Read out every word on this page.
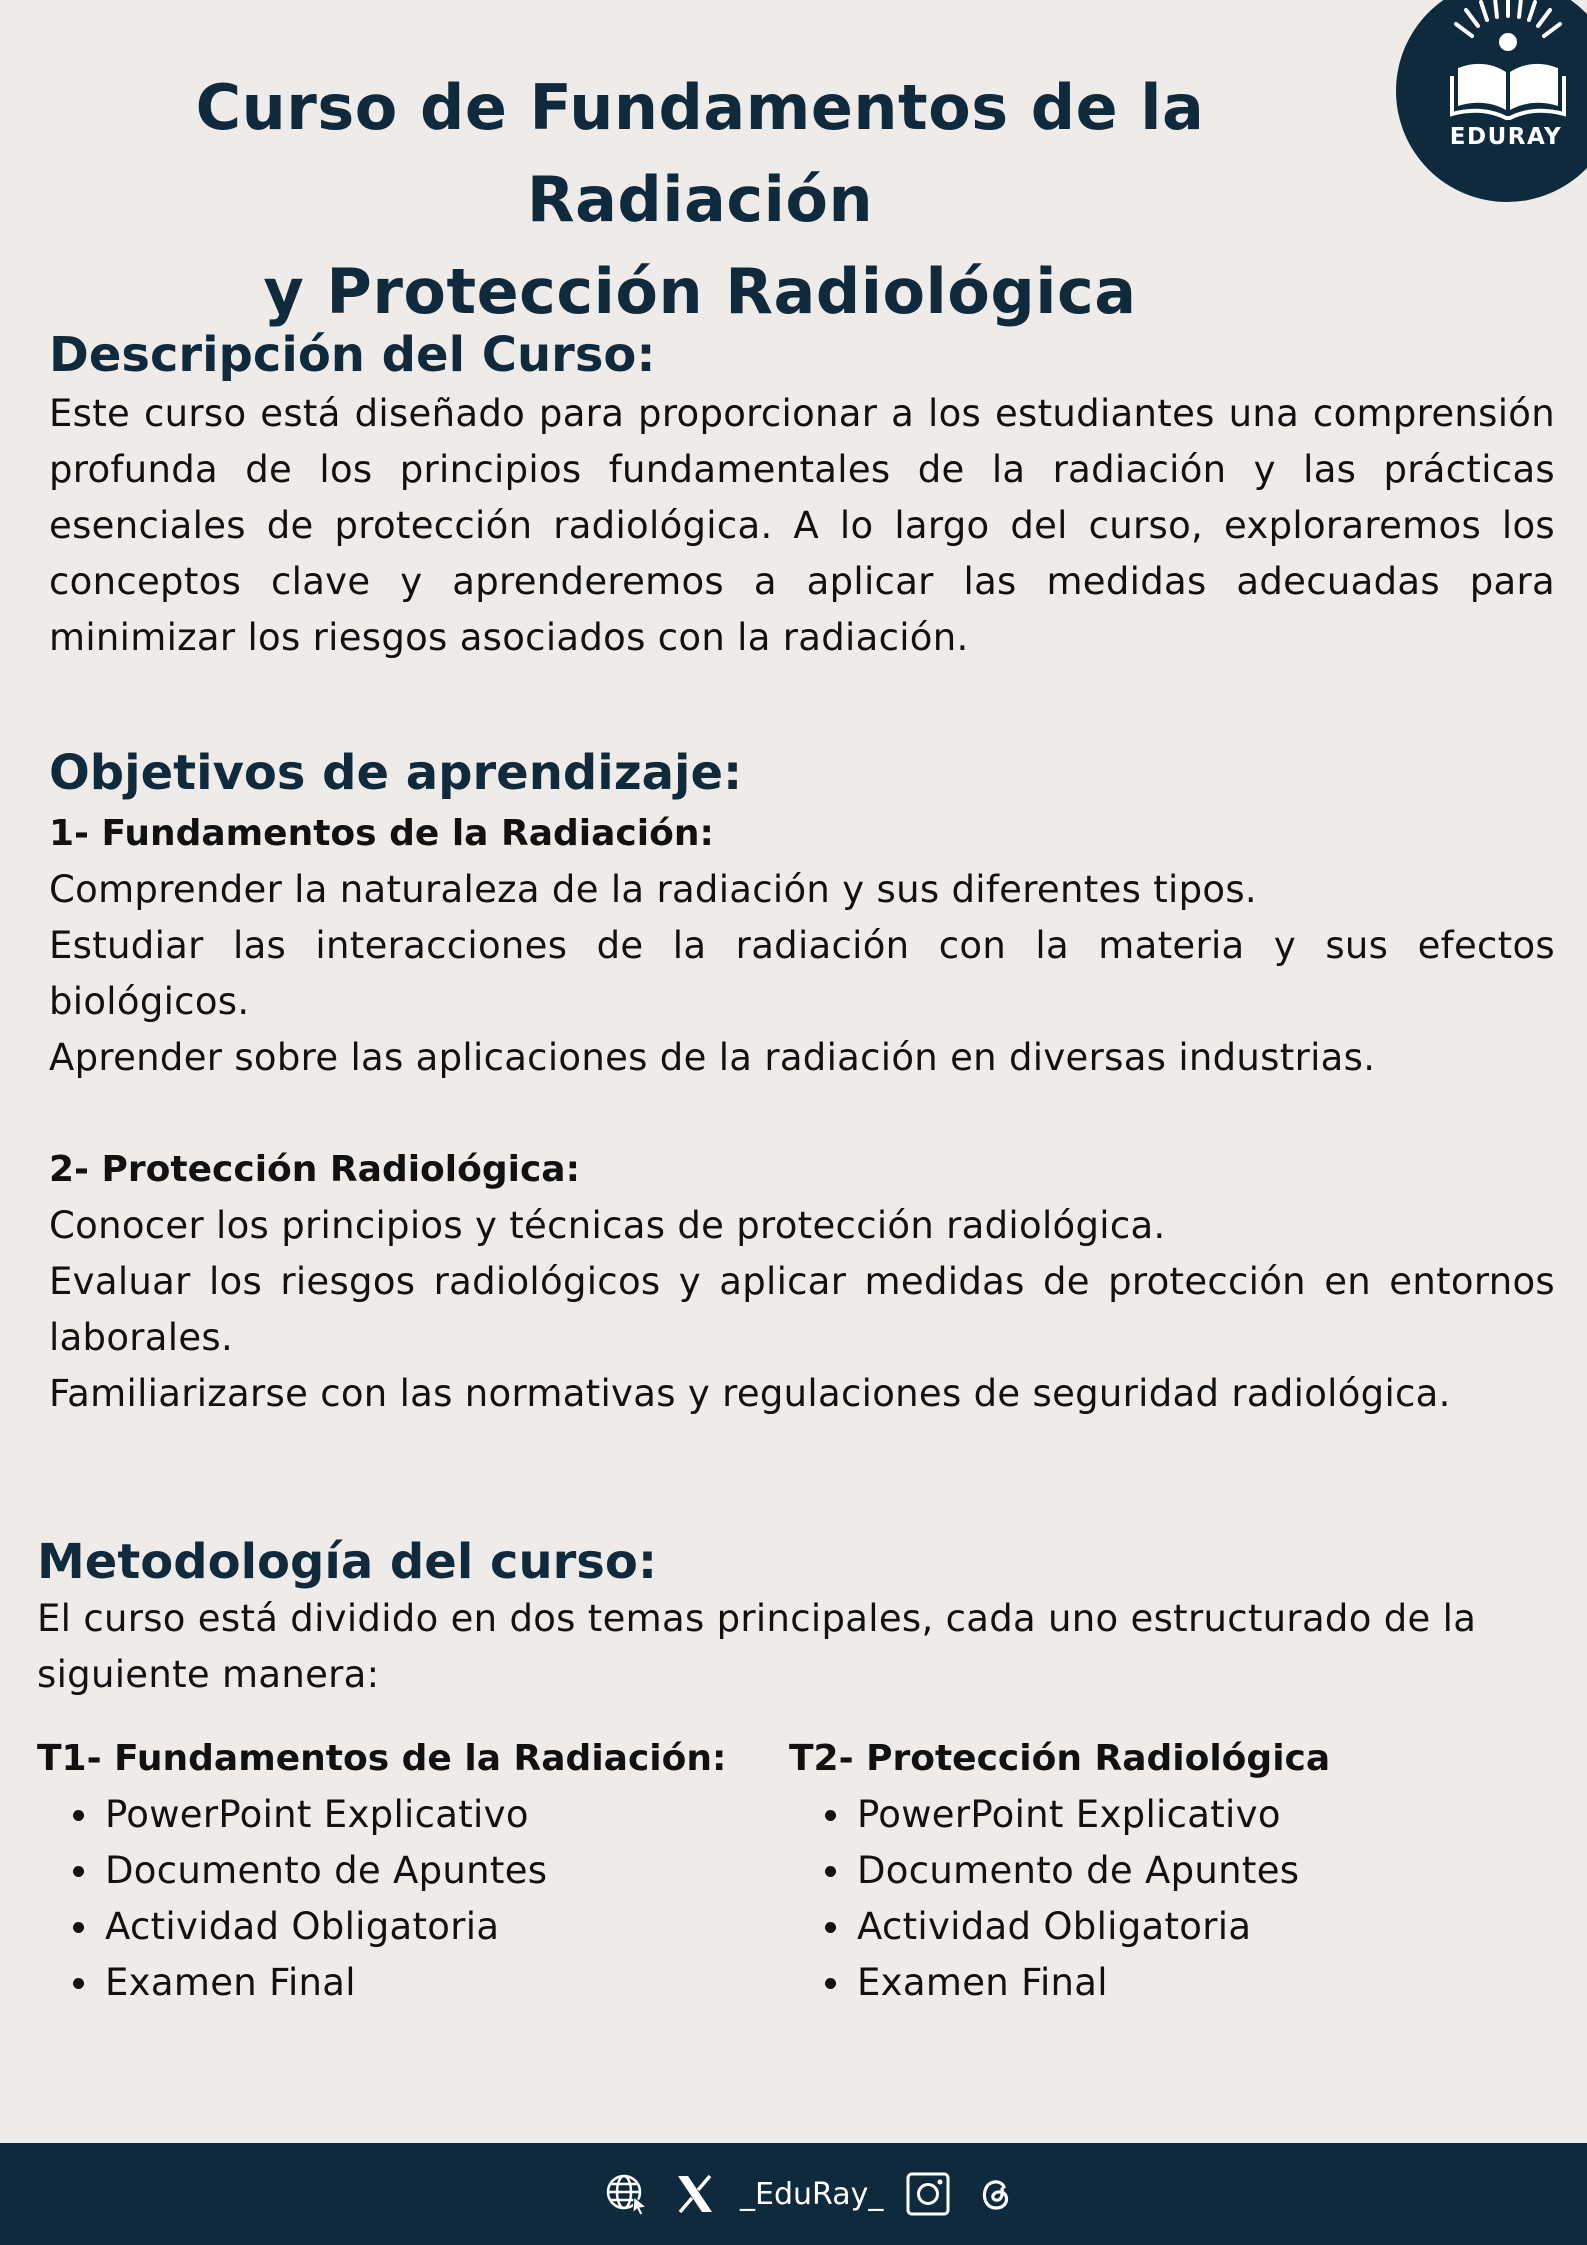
Curso de Fundamentos de la Radiación
y Protección Radiológica
EDURAY
Descripción del Curso:

Este curso está diseñado para proporcionar a los estudiantes una comprensión profunda de los principios fundamentales de la radiación y las prácticas esenciales de protección radiológica. A lo largo del curso, exploraremos los conceptos clave y aprenderemos a aplicar las medidas adecuadas para minimizar los riesgos asociados con la radiación.

Objetivos de aprendizaje:

1- Fundamentos de la Radiación:

Comprender la naturaleza de la radiación y sus diferentes tipos.

Estudiar las interacciones de la radiación con la materia y sus efectos biológicos.

Aprender sobre las aplicaciones de la radiación en diversas industrias.

2- Protección Radiológica:

Conocer los principios y técnicas de protección radiológica.

Evaluar los riesgos radiológicos y aplicar medidas de protección en entornos laborales.

Familiarizarse con las normativas y regulaciones de seguridad radiológica.

Metodología del curso:

El curso está dividido en dos temas principales, cada uno estructurado de la siguiente manera:

T1- Fundamentos de la Radiación:

PowerPoint Explicativo
Documento de Apuntes
Actividad Obligatoria
Examen Final

T2- Protección Radiológica

PowerPoint Explicativo
Documento de Apuntes
Actividad Obligatoria
Examen Final
_EduRay_
